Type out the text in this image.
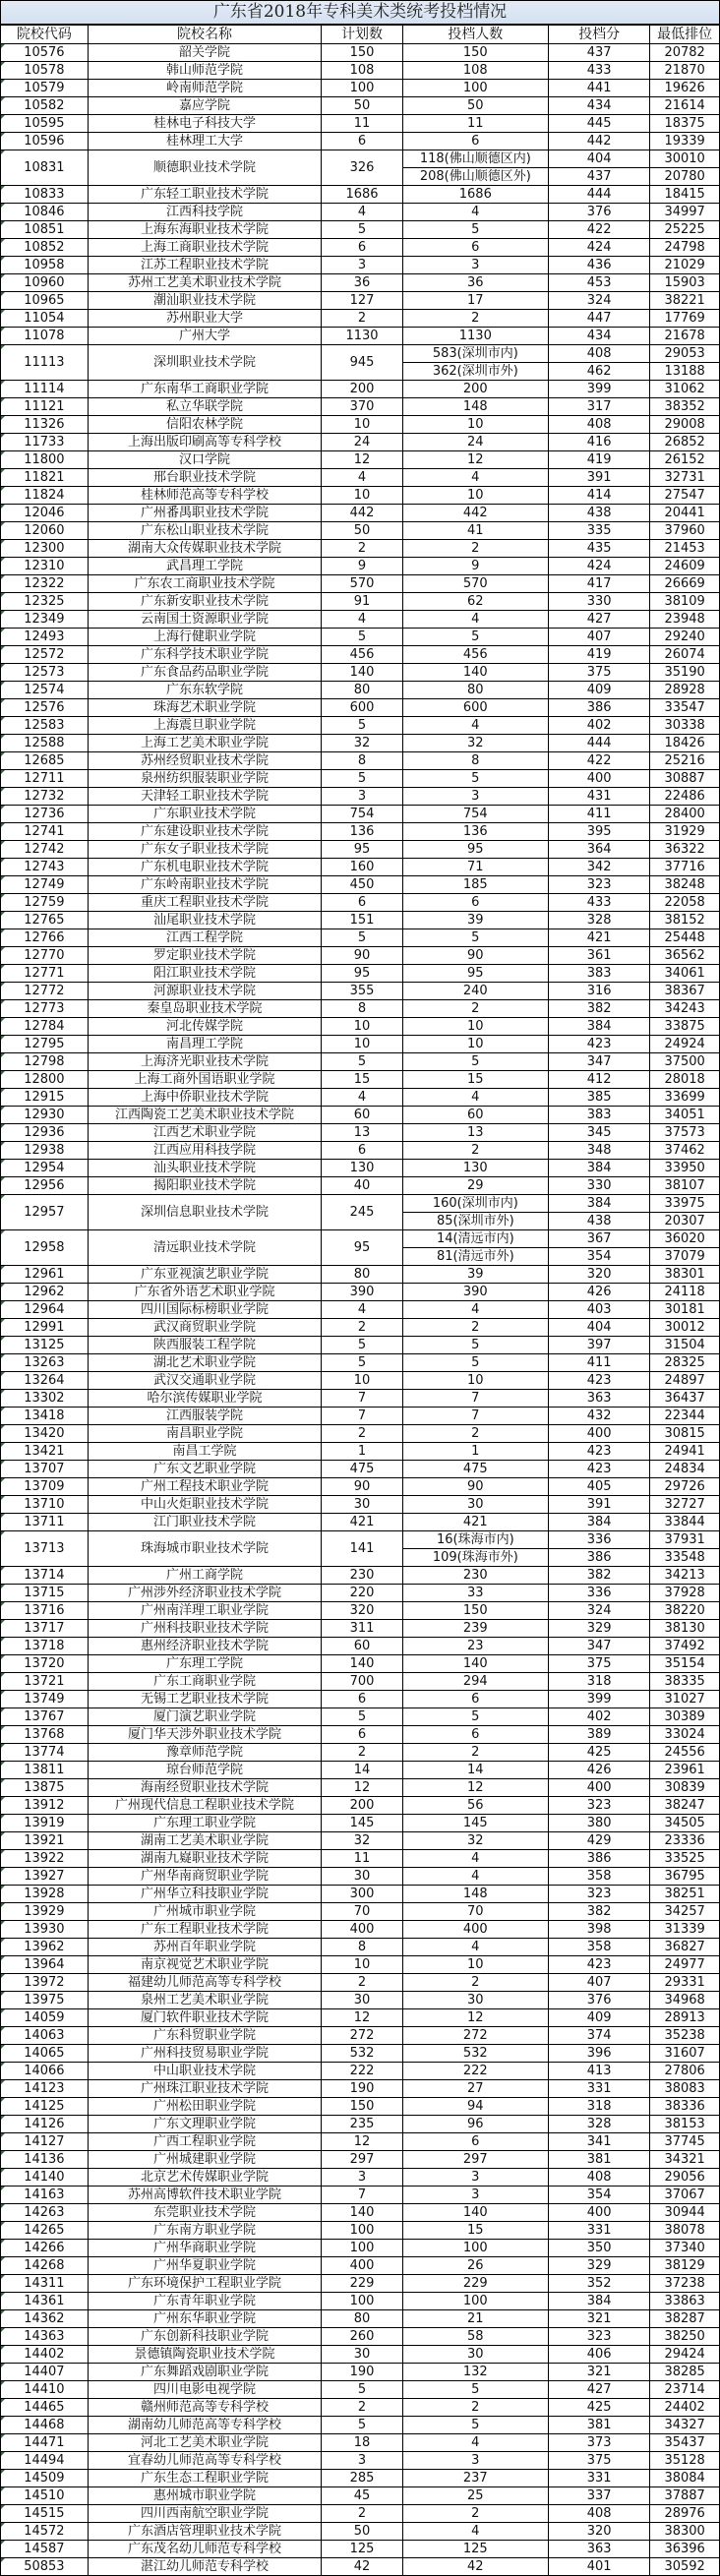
广东省2018年专科美术类统考投档情况
院校代码	院校名称	计划数	投档人数	投档分	最低排位
10576	韶关学院	150	150	437	20782
10578	韩山师范学院	108	108	433	21870
10579	岭南师范学院	100	100	441	19626
10582	嘉应学院	50	50	434	21614
10595	桂林电子科技大学	11	11	445	18375
10596	桂林理工大学	6	6	442	19339
10831	顺德职业技术学院	326	118(佛山顺德区内)	404	30010
			208(佛山顺德区外)	437	20780
10833	广东轻工职业技术学院	1686	1686	444	18415
10846	江西科技学院	4	4	376	34997
10851	上海东海职业技术学院	5	5	422	25225
10852	上海工商职业技术学院	6	6	424	24798
10958	江苏工程职业技术学院	3	3	436	21029
10960	苏州工艺美术职业技术学院	36	36	453	15903
10965	潮汕职业技术学院	127	17	324	38221
11054	苏州职业大学	2	2	447	17769
11078	广州大学	1130	1130	434	21678
11113	深圳职业技术学院	945	583(深圳市内)	408	29053
			362(深圳市外)	462	13188
11114	广东南华工商职业学院	200	200	399	31062
11121	私立华联学院	370	148	317	38352
11326	信阳农林学院	10	10	408	29008
11733	上海出版印刷高等专科学校	24	24	416	26852
11800	汉口学院	12	12	419	26152
11821	邢台职业技术学院	4	4	391	32731
11824	桂林师范高等专科学校	10	10	414	27547
12046	广州番禺职业技术学院	442	442	438	20441
12060	广东松山职业技术学院	50	41	335	37960
12300	湖南大众传媒职业技术学院	2	2	435	21453
12310	武昌理工学院	9	9	424	24609
12322	广东农工商职业技术学院	570	570	417	26669
12325	广东新安职业技术学院	91	62	330	38109
12349	云南国土资源职业学院	4	4	427	23948
12493	上海行健职业学院	5	5	407	29240
12572	广东科学技术职业学院	456	456	419	26074
12573	广东食品药品职业学院	140	140	375	35190
12574	广东东软学院	80	80	409	28928
12576	珠海艺术职业学院	600	600	386	33547
12583	上海震旦职业学院	5	4	402	30338
12588	上海工艺美术职业学院	32	32	444	18426
12685	苏州经贸职业技术学院	8	8	422	25216
12711	泉州纺织服装职业学院	5	5	400	30887
12732	天津轻工职业技术学院	3	3	431	22486
12736	广东职业技术学院	754	754	411	28400
12741	广东建设职业技术学院	136	136	395	31929
12742	广东女子职业技术学院	95	95	364	36322
12743	广东机电职业技术学院	160	71	342	37716
12749	广东岭南职业技术学院	450	185	323	38248
12759	重庆工程职业技术学院	6	6	433	22058
12765	汕尾职业技术学院	151	39	328	38152
12766	江西工程学院	5	5	421	25448
12770	罗定职业技术学院	90	90	361	36562
12771	阳江职业技术学院	95	95	383	34061
12772	河源职业技术学院	355	240	316	38367
12773	秦皇岛职业技术学院	8	2	382	34243
12784	河北传媒学院	10	10	384	33875
12795	南昌理工学院	10	10	423	24924
12798	上海济光职业技术学院	5	5	347	37500
12800	上海工商外国语职业学院	15	15	412	28018
12915	上海中侨职业技术学院	4	4	385	33699
12930	江西陶瓷工艺美术职业技术学院	60	60	383	34051
12936	江西艺术职业学院	13	13	345	37573
12938	江西应用科技学院	6	2	348	37462
12954	汕头职业技术学院	130	130	384	33950
12956	揭阳职业技术学院	40	29	330	38107
12957	深圳信息职业技术学院	245	160(深圳市内)	384	33975
			85(深圳市外)	438	20307
12958	清远职业技术学院	95	14(清远市内)	367	36020
			81(清远市外)	354	37079
12961	广东亚视演艺职业学院	80	39	320	38301
12962	广东省外语艺术职业学院	390	390	426	24118
12964	四川国际标榜职业学院	4	4	403	30181
12991	武汉商贸职业学院	2	2	404	30012
13125	陕西服装工程学院	5	5	397	31504
13263	湖北艺术职业学院	5	5	411	28325
13264	武汉交通职业学院	10	10	423	24897
13302	哈尔滨传媒职业学院	7	7	363	36437
13418	江西服装学院	7	7	432	22344
13420	南昌职业学院	2	2	400	30815
13421	南昌工学院	1	1	423	24941
13707	广东文艺职业学院	475	475	423	24834
13709	广州工程技术职业学院	90	90	405	29726
13710	中山火炬职业技术学院	30	30	391	32727
13711	江门职业技术学院	421	421	384	33844
13713	珠海城市职业技术学院	141	16(珠海市内)	336	37931
			109(珠海市外)	386	33548
13714	广州工商学院	230	230	382	34213
13715	广州涉外经济职业技术学院	220	33	336	37928
13716	广州南洋理工职业学院	320	150	324	38220
13717	广州科技职业技术学院	311	239	329	38130
13718	惠州经济职业技术学院	60	23	347	37492
13720	广东理工学院	140	140	375	35154
13721	广东工商职业学院	700	294	318	38335
13749	无锡工艺职业技术学院	6	6	399	31027
13767	厦门演艺职业学院	5	5	402	30389
13768	厦门华天涉外职业技术学院	6	6	389	33024
13774	豫章师范学院	2	2	425	24556
13811	琼台师范学院	14	14	426	23961
13875	海南经贸职业技术学院	12	12	400	30839
13912	广州现代信息工程职业技术学院	200	56	323	38247
13919	广东理工职业学院	145	145	380	34505
13921	湖南工艺美术职业学院	32	32	429	23336
13922	湖南九嶷职业技术学院	11	4	386	33525
13927	广州华南商贸职业学院	30	4	358	36795
13928	广州华立科技职业学院	300	148	323	38251
13929	广州城市职业学院	70	70	382	34257
13930	广东工程职业技术学院	400	400	398	31339
13962	苏州百年职业学院	8	4	358	36827
13964	南京视觉艺术职业学院	10	10	423	24977
13972	福建幼儿师范高等专科学校	2	2	407	29331
13975	泉州工艺美术职业学院	30	30	376	34968
14059	厦门软件职业技术学院	12	12	409	28913
14063	广东科贸职业学院	272	272	374	35238
14065	广州科技贸易职业学院	532	532	396	31607
14066	中山职业技术学院	222	222	413	27806
14123	广州珠江职业技术学院	190	27	331	38083
14125	广州松田职业学院	150	94	318	38336
14126	广东文理职业学院	235	96	328	38153
14127	广西工程职业学院	12	6	341	37745
14136	广州城建职业学院	297	297	381	34321
14140	北京艺术传媒职业学院	3	3	408	29056
14163	苏州高博软件技术职业学院	7	3	354	37067
14263	东莞职业技术学院	140	140	400	30944
14265	广东南方职业学院	100	15	331	38078
14266	广州华商职业学院	100	100	350	37340
14268	广州华夏职业学院	400	26	329	38129
14311	广东环境保护工程职业学院	229	229	352	37238
14361	广东青年职业学院	100	100	384	33863
14362	广州东华职业学院	80	21	321	38287
14363	广东创新科技职业学院	260	58	323	38250
14402	景德镇陶瓷职业技术学院	30	30	406	29424
14407	广东舞蹈戏剧职业学院	190	132	321	38285
14410	四川电影电视学院	5	5	427	23714
14465	赣州师范高等专科学校	2	2	425	24402
14468	湖南幼儿师范高等专科学校	5	5	381	34327
14471	河北工艺美术职业学院	18	4	373	35437
14494	宜春幼儿师范高等专科学校	3	3	375	35128
14509	广东生态工程职业学院	285	237	331	38084
14510	惠州城市职业学院	45	25	337	37887
14515	四川西南航空职业学院	2	2	408	28976
14572	广东酒店管理职业技术学院	50	4	320	38300
14587	广东茂名幼儿师范专科学校	125	125	363	36396
50853	湛江幼儿师范专科学校	42	42	401	30592
